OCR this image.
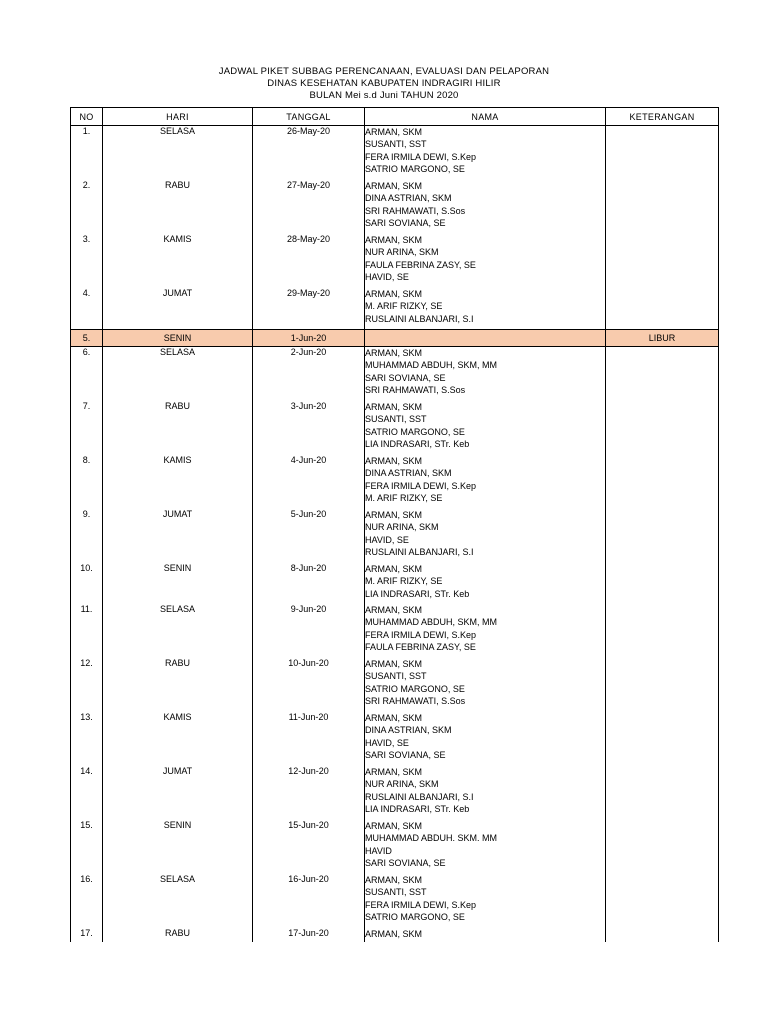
JADWAL PIKET SUBBAG PERENCANAAN, EVALUASI DAN PELAPORAN
DINAS KESEHATAN KABUPATEN INDRAGIRI HILIR
BULAN Mei s.d Juni TAHUN 2020
NO	HARI	TANGGAL	NAMA	KETERANGAN
1.	SELASA	26-May-20	ARMAN, SKM
SUSANTI, SST
FERA IRMILA DEWI, S.Kep
SATRIO MARGONO, SE	

2.	RABU	27-May-20	ARMAN, SKM
DINA ASTRIAN, SKM
SRI RAHMAWATI, S.Sos
SARI SOVIANA, SE	

3.	KAMIS	28-May-20	ARMAN, SKM
NUR ARINA, SKM
FAULA FEBRINA ZASY, SE
HAVID, SE	

4.	JUMAT	29-May-20	ARMAN, SKM
M. ARIF RIZKY, SE
RUSLAINI ALBANJARI, S.I	

5.	SENIN	1-Jun-20		LIBUR
6.	SELASA	2-Jun-20	ARMAN, SKM
MUHAMMAD ABDUH, SKM, MM
SARI SOVIANA, SE
SRI RAHMAWATI, S.Sos	

7.	RABU	3-Jun-20	ARMAN, SKM
SUSANTI, SST
SATRIO MARGONO, SE
LIA INDRASARI, STr. Keb	

8.	KAMIS	4-Jun-20	ARMAN, SKM
DINA ASTRIAN, SKM
FERA IRMILA DEWI, S.Kep
M. ARIF RIZKY, SE	

9.	JUMAT	5-Jun-20	ARMAN, SKM
NUR ARINA, SKM
HAVID, SE
RUSLAINI ALBANJARI, S.I	

10.	SENIN	8-Jun-20	ARMAN, SKM
M. ARIF RIZKY, SE
LIA INDRASARI, STr. Keb	

11.	SELASA	9-Jun-20	ARMAN, SKM
MUHAMMAD ABDUH, SKM, MM
FERA IRMILA DEWI, S.Kep
FAULA FEBRINA ZASY, SE	

12.	RABU	10-Jun-20	ARMAN, SKM
SUSANTI, SST
SATRIO MARGONO, SE
SRI RAHMAWATI, S.Sos	

13.	KAMIS	11-Jun-20	ARMAN, SKM
DINA ASTRIAN, SKM
HAVID, SE
SARI SOVIANA, SE	

14.	JUMAT	12-Jun-20	ARMAN, SKM
NUR ARINA, SKM
RUSLAINI ALBANJARI, S.I
LIA INDRASARI, STr. Keb	

15.	SENIN	15-Jun-20	ARMAN, SKM
MUHAMMAD ABDUH. SKM. MM
HAVID
SARI SOVIANA, SE	

16.	SELASA	16-Jun-20	ARMAN, SKM
SUSANTI, SST
FERA IRMILA DEWI, S.Kep
SATRIO MARGONO, SE	

17.	RABU	17-Jun-20	ARMAN, SKM	
